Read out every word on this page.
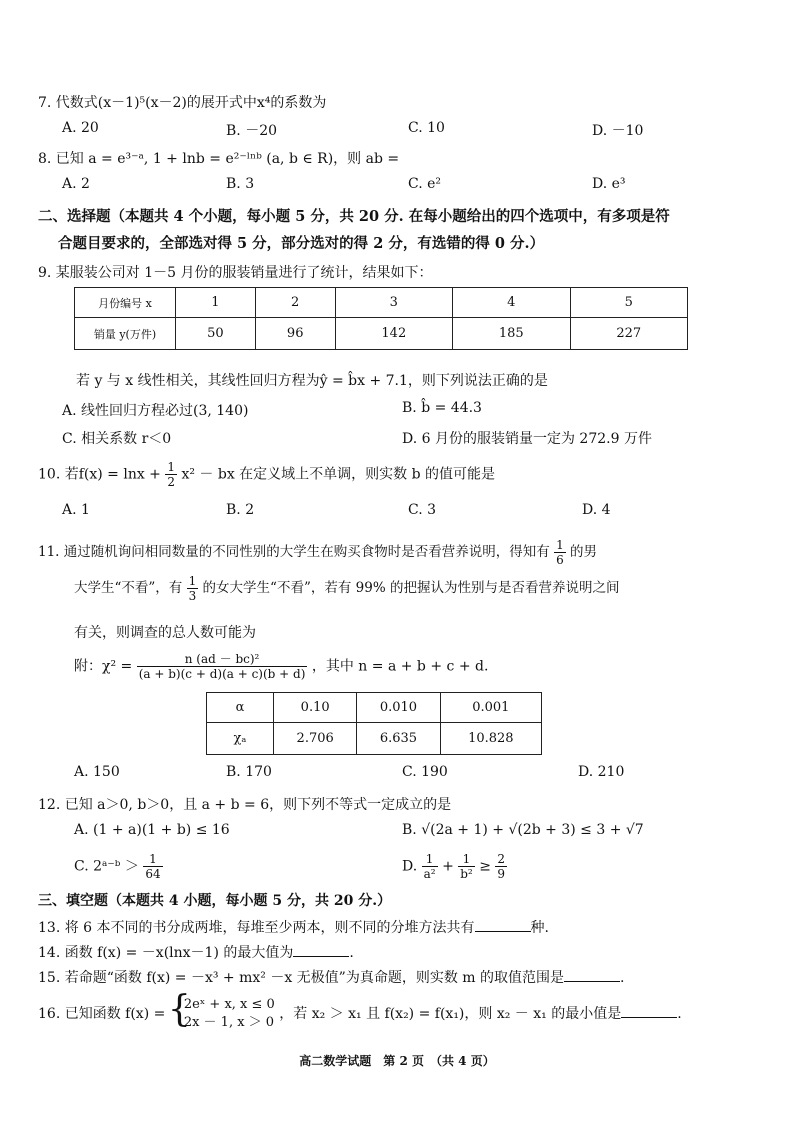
7. 代数式(x－1)⁵(x－2)的展开式中x⁴的系数为
A. 20	B. －20	C. 10	D. －10
8. 已知 a = e³⁻ᵃ, 1 + lnb = e²⁻ˡⁿᵇ (a, b ∈ R)，则 ab =
A. 2	B. 3	C. e²	D. e³
二、选择题（本题共 4 个小题，每小题 5 分，共 20 分. 在每小题给出的四个选项中，有多项是符
合题目要求的，全部选对得 5 分，部分选对的得 2 分，有选错的得 0 分.）
9. 某服装公司对 1－5 月份的服装销量进行了统计，结果如下：
月份编号 x	1	2	3	4	5
销量 y(万件)	50	96	142	185	227
若 y 与 x 线性相关，其线性回归方程为ŷ = b̂x + 7.1，则下列说法正确的是
A. 线性回归方程必过(3, 140)	B. b̂ = 44.3
C. 相关系数 r＜0	D. 6 月份的服装销量一定为 272.9 万件
10. 若$f(x) = \ln x + \frac{1}{2} x^2$ － bx 在定义域上不单调，则实数 b 的值可能是
A. 1	B. 2	C. 3	D. 4
11. 通过随机询问相同数量的不同性别的大学生在购买食物时是否看营养说明，得知有 $\frac{1}{6}$ 的男
大学生“不看”，有 $\frac{1}{3}$ 的女大学生“不看”，若有 99% 的把握认为性别与是否看营养说明之间
有关，则调查的总人数可能为
附：$\chi^2 = \frac{\text{n (ad － bc)²}}{(a + b)(c + d)(a + c)(b + d)}$ ，其中 n = a + b + c + d.
α	0.10	0.010	0.001
χₐ	2.706	6.635	10.828
A. 150	B. 170	C. 190	D. 210
12. 已知 a＞0, b＞0，且 a + b = 6，则下列不等式一定成立的是
A. (1 + a)(1 + b) ≤ 16	B. √(2a + 1) + √(2b + 3) ≤ 3 + √7
C. 2ᵃ⁻ᵇ ＞ $\frac{1}{64}$	D. $\frac{1}{\text{a²}} + \frac{1}{\text{b²}} \ge \frac{2}{9}$
三、填空题（本题共 4 小题，每小题 5 分，共 20 分.）
13. 将 6 本不同的书分成两堆，每堆至少两本，则不同的分堆方法共有	种.
14. 函数 f(x) = －x(lnx－1) 的最大值为	.
15. 若命题“函数 f(x) = －x³ + mx² －x 无极值”为真命题，则实数 m 的取值范围是	.
16. 已知函数 f(x) = {
2eˣ + x, x ≤ 0
2x － 1, x ＞ 0
，若 x₂ ＞ x₁ 且 f(x₂) = f(x₁)，则 x₂ － x₁ 的最小值是	.
高二数学试题　第 2 页　（共 4 页）
